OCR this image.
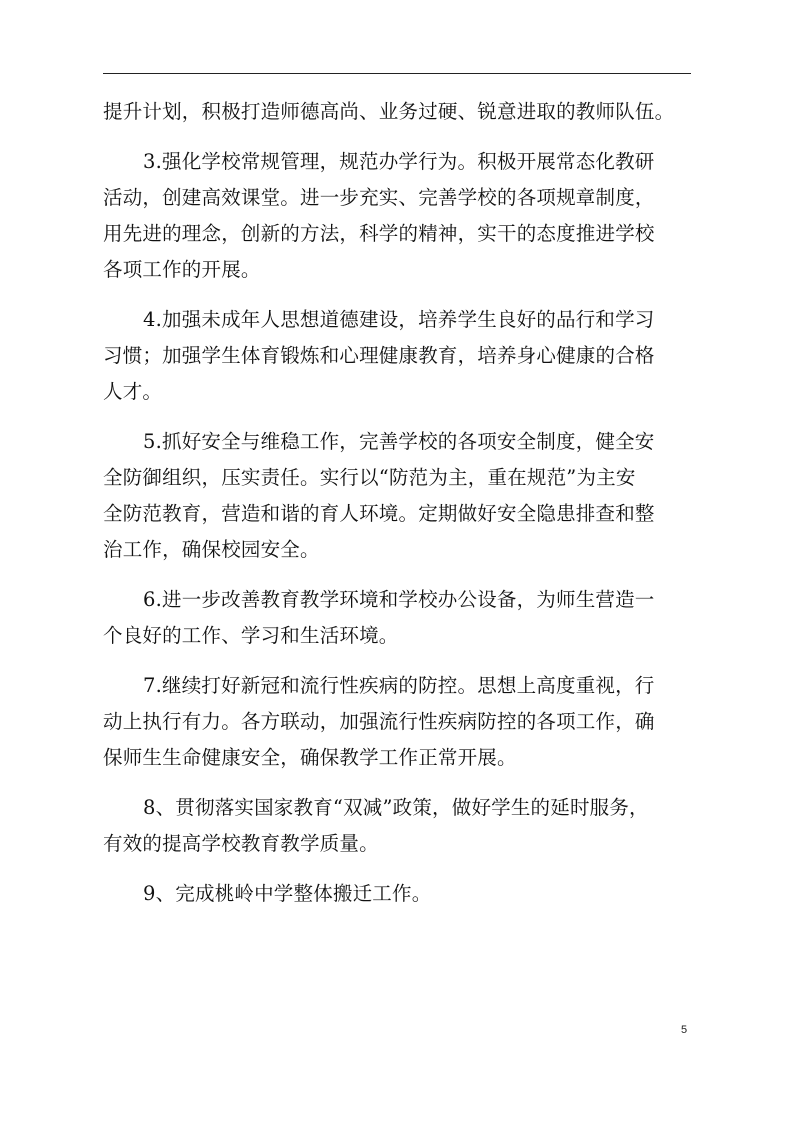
提升计划，积极打造师德高尚、业务过硬、锐意进取的教师队伍。
3.强化学校常规管理，规范办学行为。积极开展常态化教研
活动，创建高效课堂。进一步充实、完善学校的各项规章制度，
用先进的理念，创新的方法，科学的精神，实干的态度推进学校
各项工作的开展。
4.加强未成年人思想道德建设，培养学生良好的品行和学习
习惯；加强学生体育锻炼和心理健康教育，培养身心健康的合格
人才。
5.抓好安全与维稳工作，完善学校的各项安全制度，健全安
全防御组织，压实责任。实行以“防范为主，重在规范”为主安
全防范教育，营造和谐的育人环境。定期做好安全隐患排查和整
治工作，确保校园安全。
6.进一步改善教育教学环境和学校办公设备，为师生营造一
个良好的工作、学习和生活环境。
7.继续打好新冠和流行性疾病的防控。思想上高度重视，行
动上执行有力。各方联动，加强流行性疾病防控的各项工作，确
保师生生命健康安全，确保教学工作正常开展。
8、贯彻落实国家教育“双减”政策，做好学生的延时服务，
有效的提高学校教育教学质量。
9、完成桃岭中学整体搬迁工作。
5
